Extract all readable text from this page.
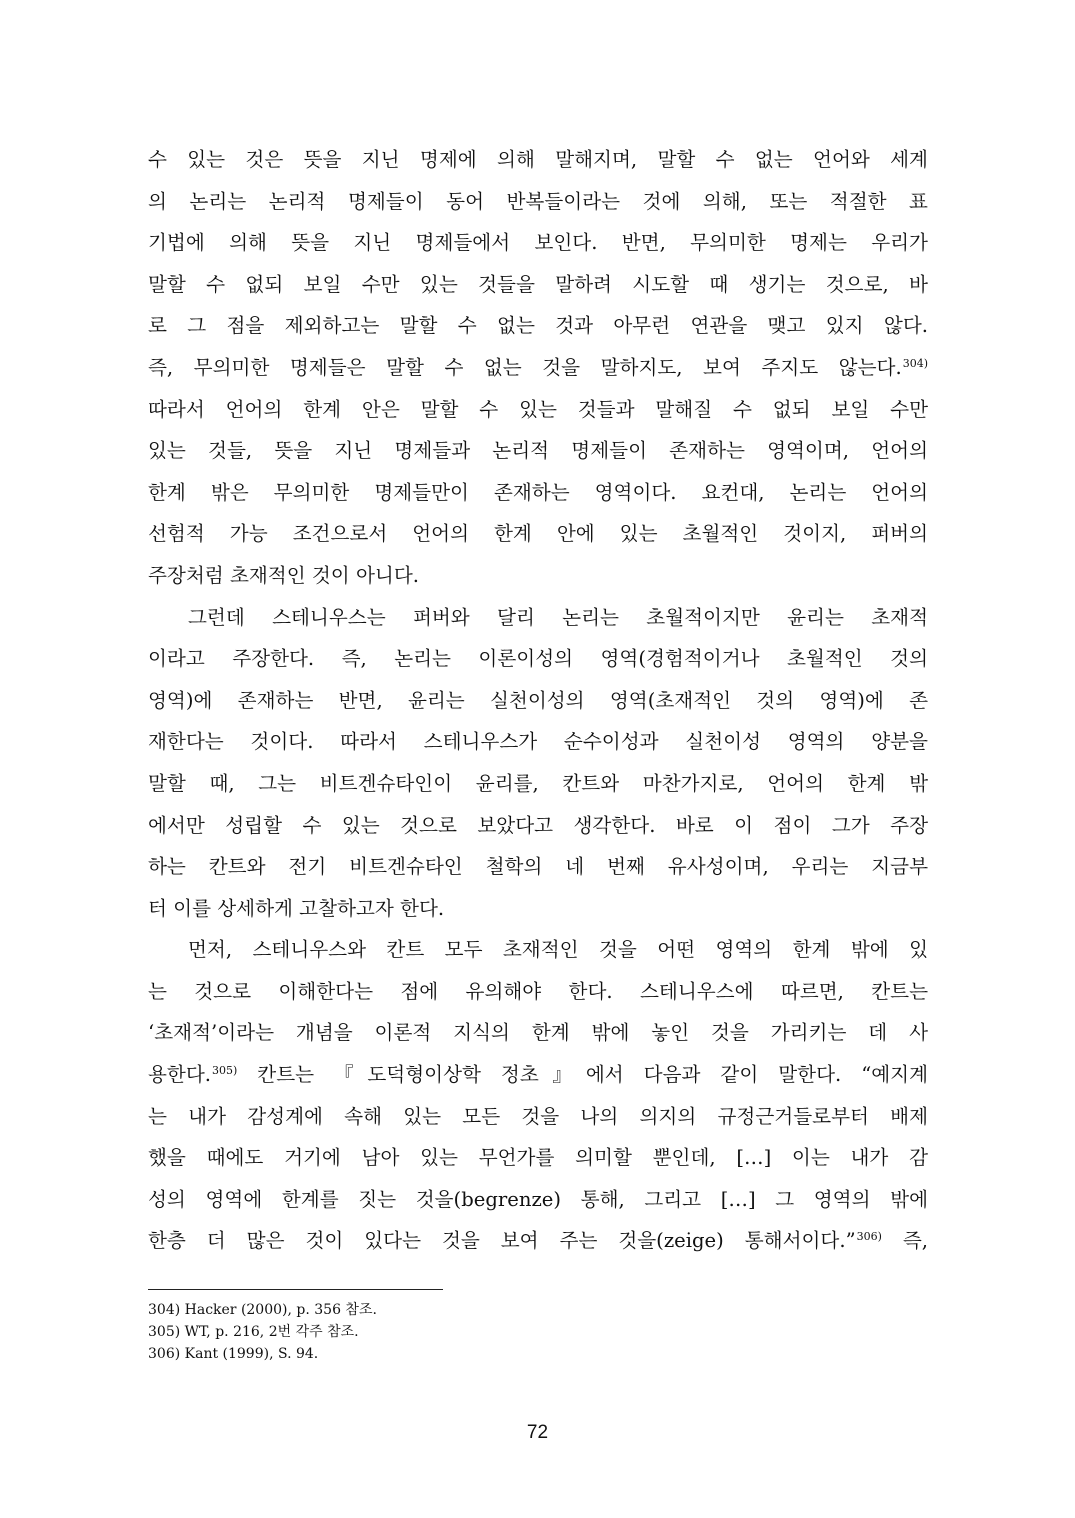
수 있는 것은 뜻을 지닌 명제에 의해 말해지며, 말할 수 없는 언어와 세계
의 논리는 논리적 명제들이 동어 반복들이라는 것에 의해, 또는 적절한 표
기법에 의해 뜻을 지닌 명제들에서 보인다. 반면, 무의미한 명제는 우리가
말할 수 없되 보일 수만 있는 것들을 말하려 시도할 때 생기는 것으로, 바
로 그 점을 제외하고는 말할 수 없는 것과 아무런 연관을 맺고 있지 않다.
즉, 무의미한 명제들은 말할 수 없는 것을 말하지도, 보여 주지도 않는다.$^{304)}$
따라서 언어의 한계 안은 말할 수 있는 것들과 말해질 수 없되 보일 수만
있는 것들, 뜻을 지닌 명제들과 논리적 명제들이 존재하는 영역이며, 언어의
한계 밖은 무의미한 명제들만이 존재하는 영역이다. 요컨대, 논리는 언어의
선험적 가능 조건으로서 언어의 한계 안에 있는 초월적인 것이지, 퍼버의
주장처럼 초재적인 것이 아니다.
그런데 스테니우스는 퍼버와 달리 논리는 초월적이지만 윤리는 초재적
이라고 주장한다. 즉, 논리는 이론이성의 영역(경험적이거나 초월적인 것의
영역)에 존재하는 반면, 윤리는 실천이성의 영역(초재적인 것의 영역)에 존
재한다는 것이다. 따라서 스테니우스가 순수이성과 실천이성 영역의 양분을
말할 때, 그는 비트겐슈타인이 윤리를, 칸트와 마찬가지로, 언어의 한계 밖
에서만 성립할 수 있는 것으로 보았다고 생각한다. 바로 이 점이 그가 주장
하는 칸트와 전기 비트겐슈타인 철학의 네 번째 유사성이며, 우리는 지금부
터 이를 상세하게 고찰하고자 한다.
먼저, 스테니우스와 칸트 모두 초재적인 것을 어떤 영역의 한계 밖에 있
는 것으로 이해한다는 점에 유의해야 한다. 스테니우스에 따르면, 칸트는
‘초재적’이라는 개념을 이론적 지식의 한계 밖에 놓인 것을 가리키는 데 사
용한다.$^{305)}$ 칸트는 『도덕형이상학 정초』에서 다음과 같이 말한다. “예지계
는 내가 감성계에 속해 있는 모든 것을 나의 의지의 규정근거들로부터 배제
했을 때에도 거기에 남아 있는 무언가를 의미할 뿐인데, […] 이는 내가 감
성의 영역에 한계를 짓는 것을(begrenze) 통해, 그리고 […] 그 영역의 밖에
한층 더 많은 것이 있다는 것을 보여 주는 것을(zeige) 통해서이다.”$^{306)}$ 즉,
304) Hacker (2000), p. 356 참조.
305) WT, p. 216, 2번 각주 참조.
306) Kant (1999), S. 94.
72
